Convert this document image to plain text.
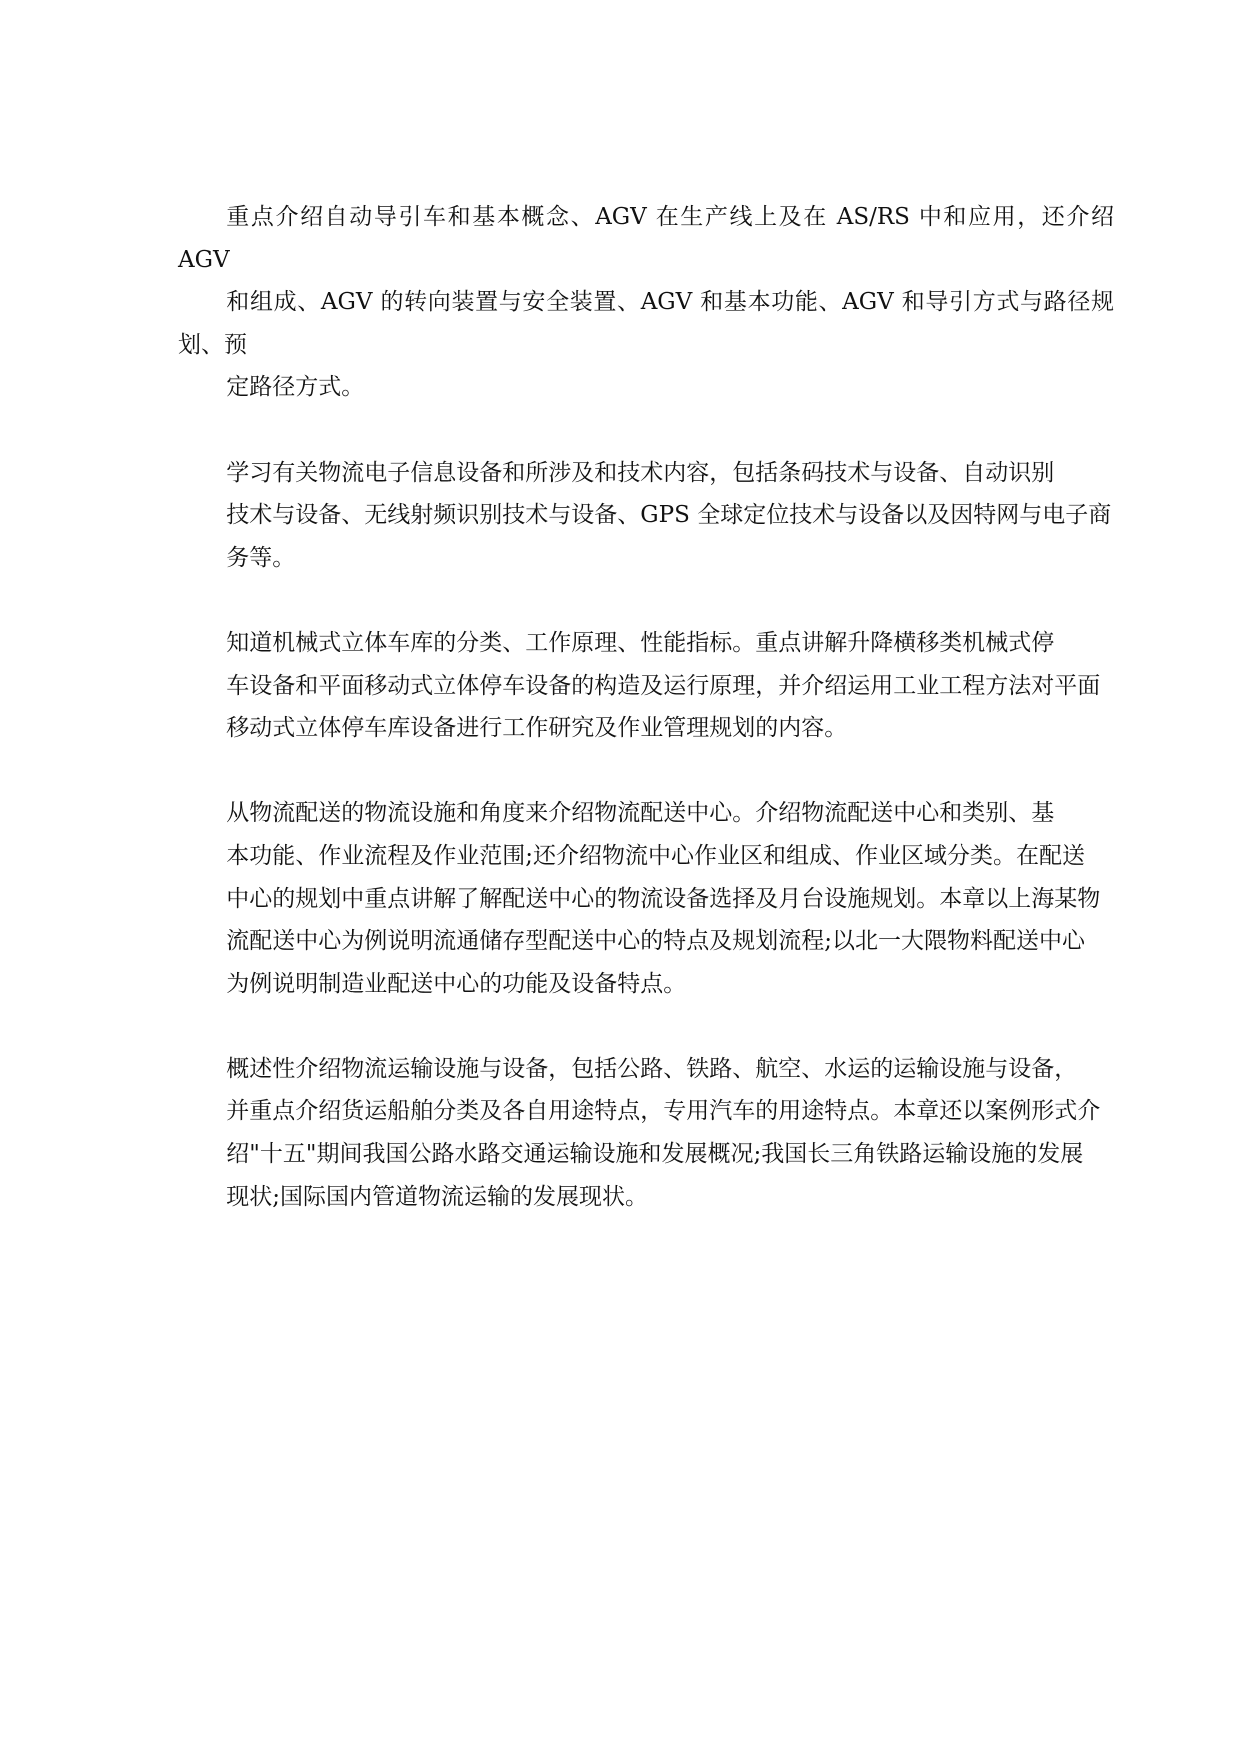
重点介绍自动导引车和基本概念、AGV 在生产线上及在 AS/RS 中和应用，还介绍 AGV
和组成、AGV 的转向装置与安全装置、AGV 和基本功能、AGV 和导引方式与路径规划、预
定路径方式。

学习有关物流电子信息设备和所涉及和技术内容，包括条码技术与设备、自动识别
技术与设备、无线射频识别技术与设备、GPS 全球定位技术与设备以及因特网与电子商
务等。

知道机械式立体车库的分类、工作原理、性能指标。重点讲解升降横移类机械式停
车设备和平面移动式立体停车设备的构造及运行原理，并介绍运用工业工程方法对平面
移动式立体停车库设备进行工作研究及作业管理规划的内容。

从物流配送的物流设施和角度来介绍物流配送中心。介绍物流配送中心和类别、基
本功能、作业流程及作业范围;还介绍物流中心作业区和组成、作业区域分类。在配送
中心的规划中重点讲解了解配送中心的物流设备选择及月台设施规划。本章以上海某物
流配送中心为例说明流通储存型配送中心的特点及规划流程;以北一大隈物料配送中心
为例说明制造业配送中心的功能及设备特点。

概述性介绍物流运输设施与设备，包括公路、铁路、航空、水运的运输设施与设备，
并重点介绍货运船舶分类及各自用途特点，专用汽车的用途特点。本章还以案例形式介
绍"十五"期间我国公路水路交通运输设施和发展概况;我国长三角铁路运输设施的发展
现状;国际国内管道物流运输的发展现状。
